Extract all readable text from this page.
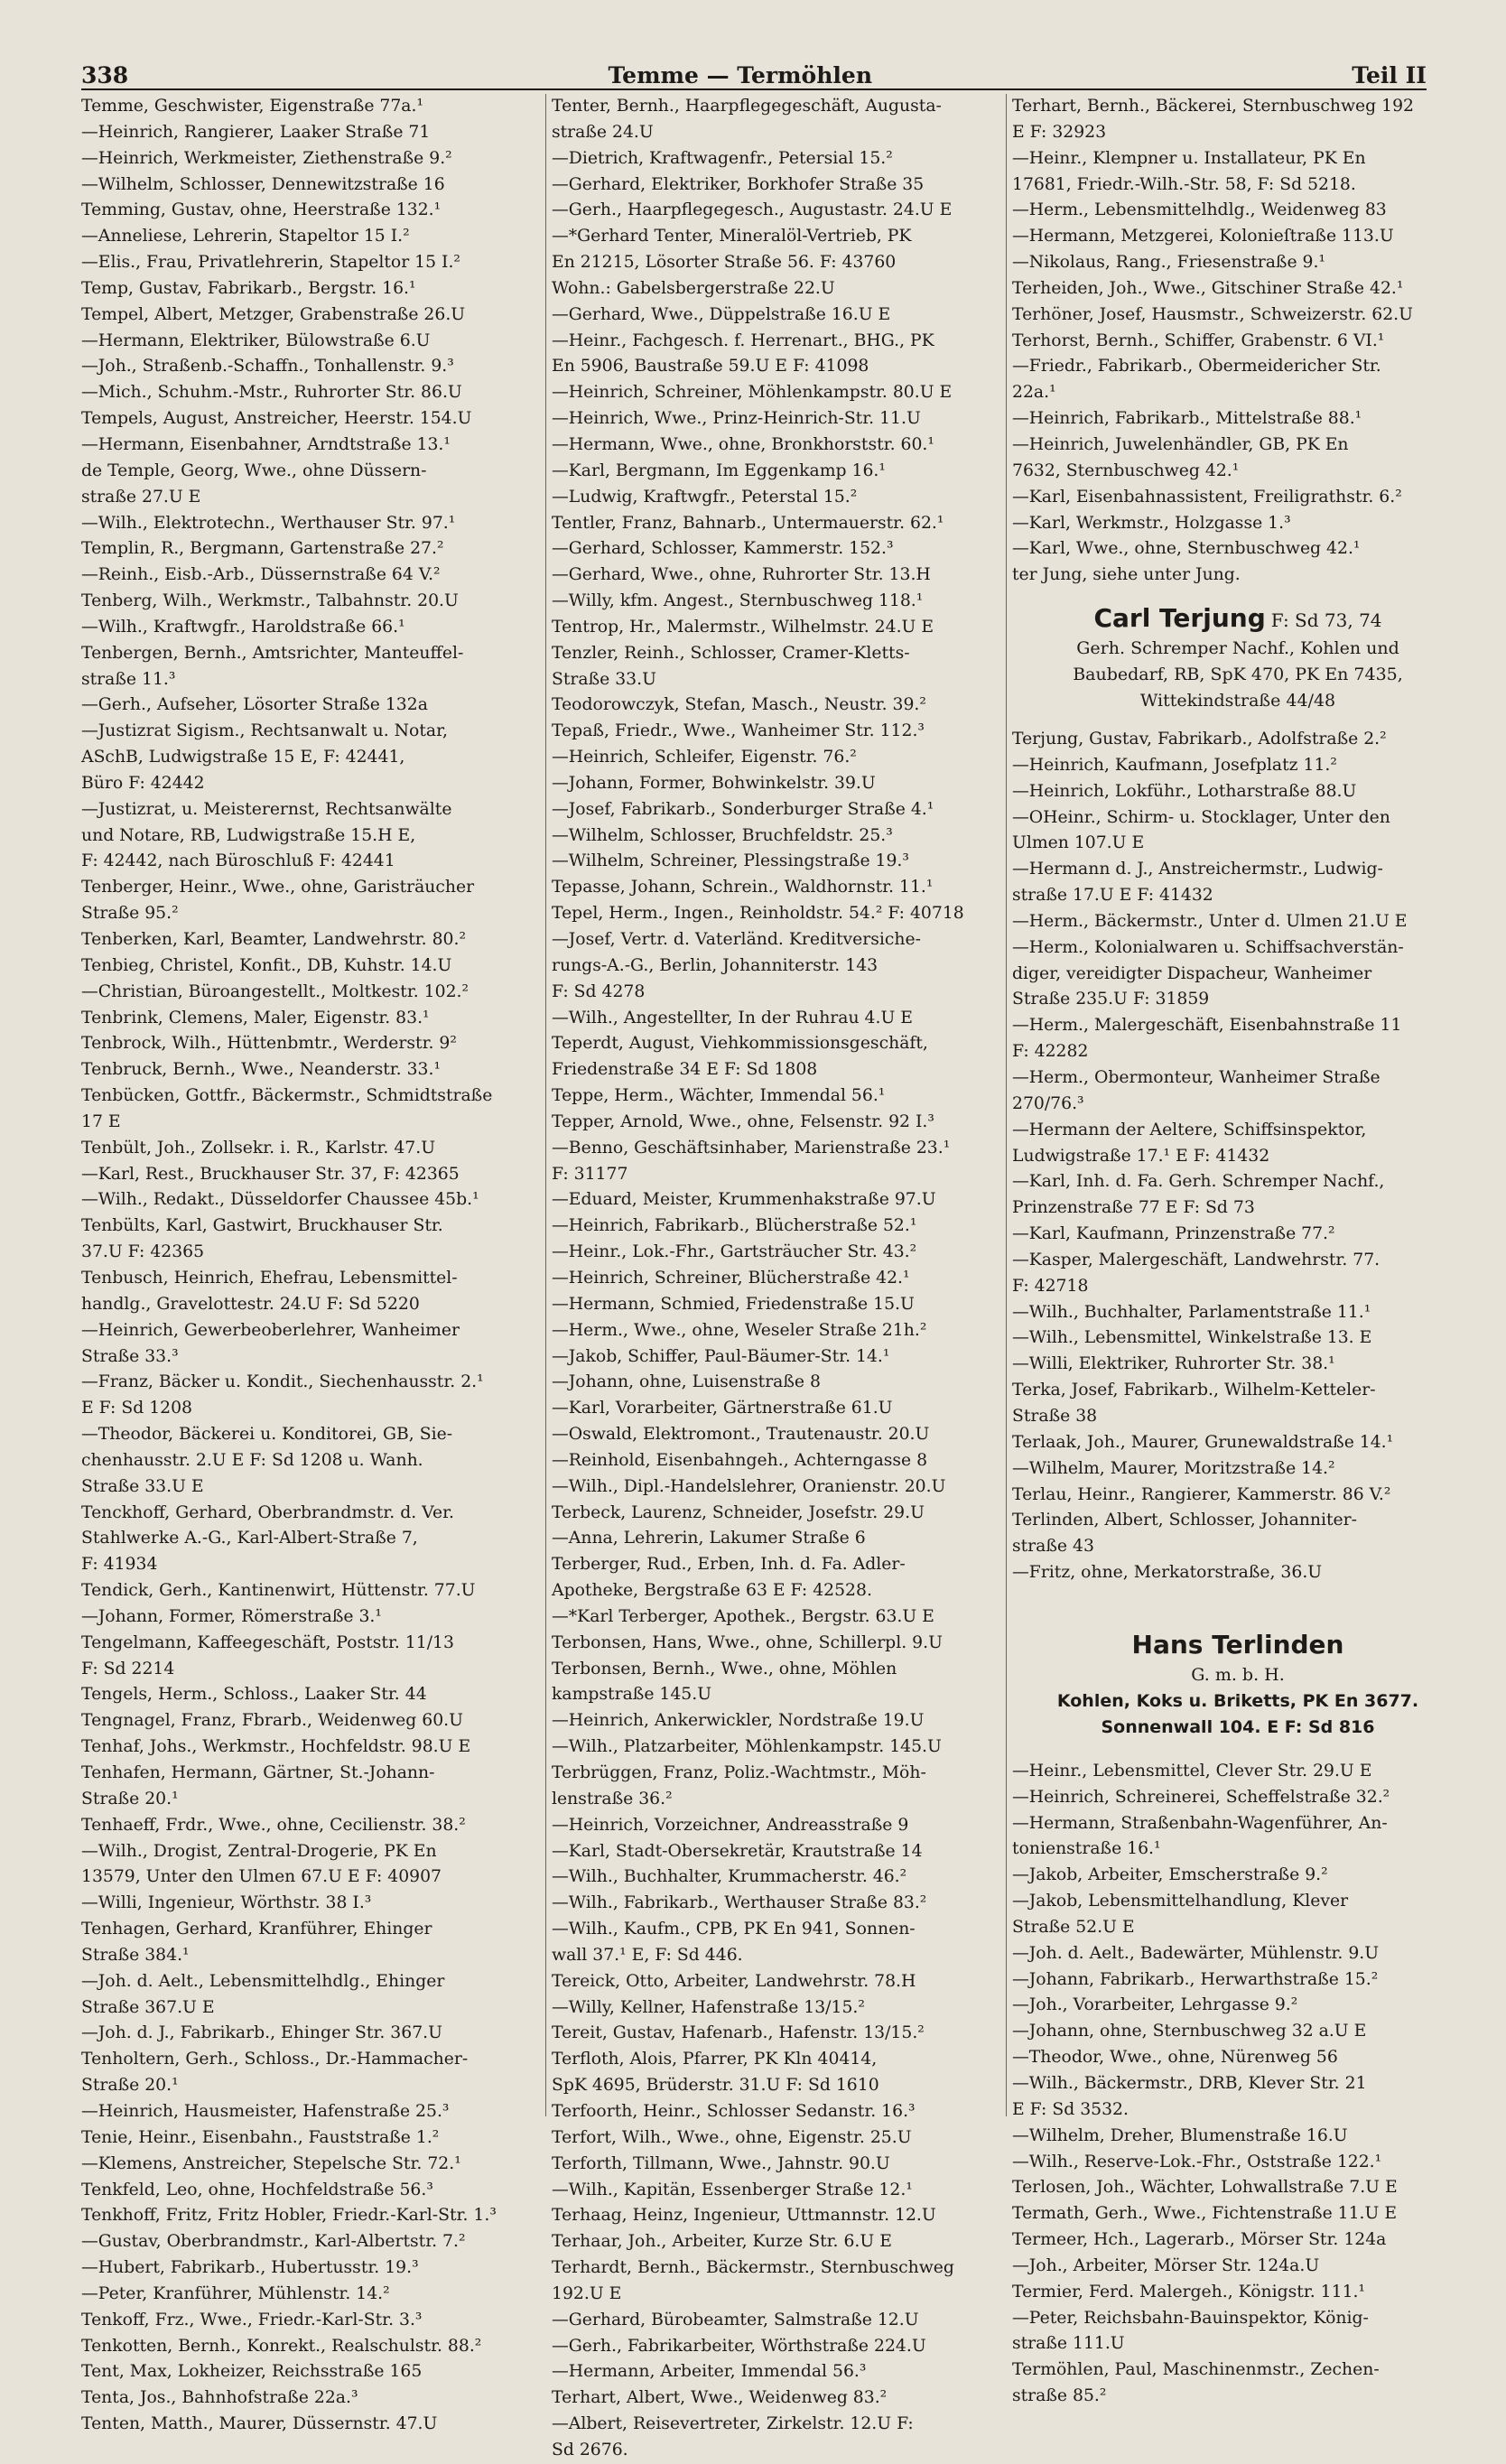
338	Temme — Termöhlen	Teil II

Temme, Geschwister, Eigenstraße 77a.¹

—Heinrich, Rangierer, Laaker Straße 71

—Heinrich, Werkmeister, Ziethenstraße 9.²

—Wilhelm, Schlosser, Dennewitzstraße 16

Temming, Gustav, ohne, Heerstraße 132.¹

—Anneliese, Lehrerin, Stapeltor 15 I.²

—Elis., Frau, Privatlehrerin, Stapeltor 15 I.²

Temp, Gustav, Fabrikarb., Bergstr. 16.¹

Tempel, Albert, Metzger, Grabenstraße 26.U

—Hermann, Elektriker, Bülowstraße 6.U

—Joh., Straßenb.-Schaffn., Tonhallenstr. 9.³

—Mich., Schuhm.-Mstr., Ruhrorter Str. 86.U

Tempels, August, Anstreicher, Heerstr. 154.U

—Hermann, Eisenbahner, Arndtstraße 13.¹

de Temple, Georg, Wwe., ohne Düssern-

straße 27.U E

—Wilh., Elektrotechn., Werthauser Str. 97.¹

Templin, R., Bergmann, Gartenstraße 27.²

—Reinh., Eisb.-Arb., Düssernstraße 64 V.²

Tenberg, Wilh., Werkmstr., Talbahnstr. 20.U

—Wilh., Kraftwgfr., Haroldstraße 66.¹

Tenbergen, Bernh., Amtsrichter, Manteuffel-

straße 11.³

—Gerh., Aufseher, Lösorter Straße 132a

—Justizrat Sigism., Rechtsanwalt u. Notar,

ASchB, Ludwigstraße 15 E, F: 42441,

Büro F: 42442

—Justizrat, u. Meisterernst, Rechtsanwälte

und Notare, RB, Ludwigstraße 15.H E,

F: 42442, nach Büroschluß F: 42441

Tenberger, Heinr., Wwe., ohne, Garisträucher

Straße 95.²

Tenberken, Karl, Beamter, Landwehrstr. 80.²

Tenbieg, Christel, Konfit., DB, Kuhstr. 14.U

—Christian, Büroangestellt., Moltkestr. 102.²

Tenbrink, Clemens, Maler, Eigenstr. 83.¹

Tenbrock, Wilh., Hüttenbmtr., Werderstr. 9²

Tenbruck, Bernh., Wwe., Neanderstr. 33.¹

Tenbücken, Gottfr., Bäckermstr., Schmidtstraße

17 E

Tenbült, Joh., Zollsekr. i. R., Karlstr. 47.U

—Karl, Rest., Bruckhauser Str. 37, F: 42365

—Wilh., Redakt., Düsseldorfer Chaussee 45b.¹

Tenbülts, Karl, Gastwirt, Bruckhauser Str.

37.U F: 42365

Tenbusch, Heinrich, Ehefrau, Lebensmittel-

handlg., Gravelottestr. 24.U F: Sd 5220

—Heinrich, Gewerbeoberlehrer, Wanheimer

Straße 33.³

—Franz, Bäcker u. Kondit., Siechenhausstr. 2.¹

E F: Sd 1208

—Theodor, Bäckerei u. Konditorei, GB, Sie-

chenhausstr. 2.U E F: Sd 1208 u. Wanh.

Straße 33.U E

Tenckhoff, Gerhard, Oberbrandmstr. d. Ver.

Stahlwerke A.-G., Karl-Albert-Straße 7,

F: 41934

Tendick, Gerh., Kantinenwirt, Hüttenstr. 77.U

—Johann, Former, Römerstraße 3.¹

Tengelmann, Kaffeegeschäft, Poststr. 11/13

F: Sd 2214

Tengels, Herm., Schloss., Laaker Str. 44

Tengnagel, Franz, Fbrarb., Weidenweg 60.U

Tenhaf, Johs., Werkmstr., Hochfeldstr. 98.U E

Tenhafen, Hermann, Gärtner, St.-Johann-

Straße 20.¹

Tenhaeff, Frdr., Wwe., ohne, Cecilienstr. 38.²

—Wilh., Drogist, Zentral-Drogerie, PK En

13579, Unter den Ulmen 67.U E F: 40907

—Willi, Ingenieur, Wörthstr. 38 I.³

Tenhagen, Gerhard, Kranführer, Ehinger

Straße 384.¹

—Joh. d. Aelt., Lebensmittelhdlg., Ehinger

Straße 367.U E

—Joh. d. J., Fabrikarb., Ehinger Str. 367.U

Tenholtern, Gerh., Schloss., Dr.-Hammacher-

Straße 20.¹

—Heinrich, Hausmeister, Hafenstraße 25.³

Tenie, Heinr., Eisenbahn., Fauststraße 1.²

—Klemens, Anstreicher, Stepelsche Str. 72.¹

Tenkfeld, Leo, ohne, Hochfeldstraße 56.³

Tenkhoff, Fritz, Fritz Hobler, Friedr.-Karl-Str. 1.³

—Gustav, Oberbrandmstr., Karl-Albertstr. 7.²

—Hubert, Fabrikarb., Hubertusstr. 19.³

—Peter, Kranführer, Mühlenstr. 14.²

Tenkoff, Frz., Wwe., Friedr.-Karl-Str. 3.³

Tenkotten, Bernh., Konrekt., Realschulstr. 88.²

Tent, Max, Lokheizer, Reichsstraße 165

Tenta, Jos., Bahnhofstraße 22a.³

Tenten, Matth., Maurer, Düssernstr. 47.U

Tenter, Bernh., Haarpflegegeschäft, Augusta-

straße 24.U

—Dietrich, Kraftwagenfr., Petersial 15.²

—Gerhard, Elektriker, Borkhofer Straße 35

—Gerh., Haarpflegegesch., Augustastr. 24.U E

—*Gerhard Tenter, Mineralöl-Vertrieb, PK

En 21215, Lösorter Straße 56. F: 43760

Wohn.: Gabelsbergerstraße 22.U

—Gerhard, Wwe., Düppelstraße 16.U E

—Heinr., Fachgesch. f. Herrenart., BHG., PK

En 5906, Baustraße 59.U E F: 41098

—Heinrich, Schreiner, Möhlenkampstr. 80.U E

—Heinrich, Wwe., Prinz-Heinrich-Str. 11.U

—Hermann, Wwe., ohne, Bronkhorststr. 60.¹

—Karl, Bergmann, Im Eggenkamp 16.¹

—Ludwig, Kraftwgfr., Peterstal 15.²

Tentler, Franz, Bahnarb., Untermauerstr. 62.¹

—Gerhard, Schlosser, Kammerstr. 152.³

—Gerhard, Wwe., ohne, Ruhrorter Str. 13.H

—Willy, kfm. Angest., Sternbuschweg 118.¹

Tentrop, Hr., Malermstr., Wilhelmstr. 24.U E

Tenzler, Reinh., Schlosser, Cramer-Kletts-

Straße 33.U

Teodorowczyk, Stefan, Masch., Neustr. 39.²

Tepaß, Friedr., Wwe., Wanheimer Str. 112.³

—Heinrich, Schleifer, Eigenstr. 76.²

—Johann, Former, Bohwinkelstr. 39.U

—Josef, Fabrikarb., Sonderburger Straße 4.¹

—Wilhelm, Schlosser, Bruchfeldstr. 25.³

—Wilhelm, Schreiner, Plessingstraße 19.³

Tepasse, Johann, Schrein., Waldhornstr. 11.¹

Tepel, Herm., Ingen., Reinholdstr. 54.² F: 40718

—Josef, Vertr. d. Vaterländ. Kreditversiche-

rungs-A.-G., Berlin, Johanniterstr. 143

F: Sd 4278

—Wilh., Angestellter, In der Ruhrau 4.U E

Teperdt, August, Viehkommissionsgeschäft,

Friedenstraße 34 E F: Sd 1808

Teppe, Herm., Wächter, Immendal 56.¹

Tepper, Arnold, Wwe., ohne, Felsenstr. 92 I.³

—Benno, Geschäftsinhaber, Marienstraße 23.¹

F: 31177

—Eduard, Meister, Krummenhakstraße 97.U

—Heinrich, Fabrikarb., Blücherstraße 52.¹

—Heinr., Lok.-Fhr., Gartsträucher Str. 43.²

—Heinrich, Schreiner, Blücherstraße 42.¹

—Hermann, Schmied, Friedenstraße 15.U

—Herm., Wwe., ohne, Weseler Straße 21h.²

—Jakob, Schiffer, Paul-Bäumer-Str. 14.¹

—Johann, ohne, Luisenstraße 8

—Karl, Vorarbeiter, Gärtnerstraße 61.U

—Oswald, Elektromont., Trautenaustr. 20.U

—Reinhold, Eisenbahngeh., Achterngasse 8

—Wilh., Dipl.-Handelslehrer, Oranienstr. 20.U

Terbeck, Laurenz, Schneider, Josefstr. 29.U

—Anna, Lehrerin, Lakumer Straße 6

Terberger, Rud., Erben, Inh. d. Fa. Adler-

Apotheke, Bergstraße 63 E F: 42528.

—*Karl Terberger, Apothek., Bergstr. 63.U E

Terbonsen, Hans, Wwe., ohne, Schillerpl. 9.U

Terbonsen, Bernh., Wwe., ohne, Möhlen

kampstraße 145.U

—Heinrich, Ankerwickler, Nordstraße 19.U

—Wilh., Platzarbeiter, Möhlenkampstr. 145.U

Terbrüggen, Franz, Poliz.-Wachtmstr., Möh-

lenstraße 36.²

—Heinrich, Vorzeichner, Andreasstraße 9

—Karl, Stadt-Obersekretär, Krautstraße 14

—Wilh., Buchhalter, Krummacherstr. 46.²

—Wilh., Fabrikarb., Werthauser Straße 83.²

—Wilh., Kaufm., CPB, PK En 941, Sonnen-

wall 37.¹ E, F: Sd 446.

Tereick, Otto, Arbeiter, Landwehrstr. 78.H

—Willy, Kellner, Hafenstraße 13/15.²

Tereit, Gustav, Hafenarb., Hafenstr. 13/15.²

Terfloth, Alois, Pfarrer, PK Kln 40414,

SpK 4695, Brüderstr. 31.U F: Sd 1610

Terfoorth, Heinr., Schlosser Sedanstr. 16.³

Terfort, Wilh., Wwe., ohne, Eigenstr. 25.U

Terforth, Tillmann, Wwe., Jahnstr. 90.U

—Wilh., Kapitän, Essenberger Straße 12.¹

Terhaag, Heinz, Ingenieur, Uttmannstr. 12.U

Terhaar, Joh., Arbeiter, Kurze Str. 6.U E

Terhardt, Bernh., Bäckermstr., Sternbuschweg

192.U E

—Gerhard, Bürobeamter, Salmstraße 12.U

—Gerh., Fabrikarbeiter, Wörthstraße 224.U

—Hermann, Arbeiter, Immendal 56.³

Terhart, Albert, Wwe., Weidenweg 83.²

—Albert, Reisevertreter, Zirkelstr. 12.U F:

Sd 2676.

Terhart, Bernh., Bäckerei, Sternbuschweg 192

E F: 32923

—Heinr., Klempner u. Installateur, PK En

17681, Friedr.-Wilh.-Str. 58, F: Sd 5218.

—Herm., Lebensmittelhdlg., Weidenweg 83

—Hermann, Metzgerei, Kolonieſtraße 113.U

—Nikolaus, Rang., Friesenstraße 9.¹

Terheiden, Joh., Wwe., Gitschiner Straße 42.¹

Terhöner, Josef, Hausmstr., Schweizerstr. 62.U

Terhorst, Bernh., Schiffer, Grabenstr. 6 VI.¹

—Friedr., Fabrikarb., Obermeidericher Str.

22a.¹

—Heinrich, Fabrikarb., Mittelstraße 88.¹

—Heinrich, Juwelenhändler, GB, PK En

7632, Sternbuschweg 42.¹

—Karl, Eisenbahnassistent, Freiligrathstr. 6.²

—Karl, Werkmstr., Holzgasse 1.³

—Karl, Wwe., ohne, Sternbuschweg 42.¹

ter Jung, siehe unter Jung.

Carl Terjung F: Sd 73, 74
Gerh. Schremper Nachf., Kohlen und
Baubedarf, RB, SpK 470, PK En 7435,
Wittekindstraße 44/48

Terjung, Gustav, Fabrikarb., Adolfstraße 2.²

—Heinrich, Kaufmann, Josefplatz 11.²

—Heinrich, Lokführ., Lotharstraße 88.U

—OHeinr., Schirm- u. Stocklager, Unter den

Ulmen 107.U E

—Hermann d. J., Anstreichermstr., Ludwig-

straße 17.U E F: 41432

—Herm., Bäckermstr., Unter d. Ulmen 21.U E

—Herm., Kolonialwaren u. Schiffsachverstän-

diger, vereidigter Dispacheur, Wanheimer

Straße 235.U F: 31859

—Herm., Malergeschäft, Eisenbahnstraße 11

F: 42282

—Herm., Obermonteur, Wanheimer Straße

270/76.³

—Hermann der Aeltere, Schiffsinspektor,

Ludwigstraße 17.¹ E F: 41432

—Karl, Inh. d. Fa. Gerh. Schremper Nachf.,

Prinzenstraße 77 E F: Sd 73

—Karl, Kaufmann, Prinzenstraße 77.²

—Kasper, Malergeschäft, Landwehrstr. 77.

F: 42718

—Wilh., Buchhalter, Parlamentstraße 11.¹

—Wilh., Lebensmittel, Winkelstraße 13. E

—Willi, Elektriker, Ruhrorter Str. 38.¹

Terka, Josef, Fabrikarb., Wilhelm-Ketteler-

Straße 38

Terlaak, Joh., Maurer, Grunewaldstraße 14.¹

—Wilhelm, Maurer, Moritzstraße 14.²

Terlau, Heinr., Rangierer, Kammerstr. 86 V.²

Terlinden, Albert, Schlosser, Johanniter-

straße 43

—Fritz, ohne, Merkatorstraße, 36.U

Hans Terlinden
G. m. b. H.
Kohlen, Koks u. Briketts, PK En 3677.
Sonnenwall 104. E F: Sd 816

—Heinr., Lebensmittel, Clever Str. 29.U E

—Heinrich, Schreinerei, Scheffelstraße 32.²

—Hermann, Straßenbahn-Wagenführer, An-

tonienstraße 16.¹

—Jakob, Arbeiter, Emscherstraße 9.²

—Jakob, Lebensmittelhandlung, Klever

Straße 52.U E

—Joh. d. Aelt., Badewärter, Mühlenstr. 9.U

—Johann, Fabrikarb., Herwarthstraße 15.²

—Joh., Vorarbeiter, Lehrgasse 9.²

—Johann, ohne, Sternbuschweg 32 a.U E

—Theodor, Wwe., ohne, Nürenweg 56

—Wilh., Bäckermstr., DRB, Klever Str. 21

E F: Sd 3532.

—Wilhelm, Dreher, Blumenstraße 16.U

—Wilh., Reserve-Lok.-Fhr., Oststraße 122.¹

Terlosen, Joh., Wächter, Lohwallstraße 7.U E

Termath, Gerh., Wwe., Fichtenstraße 11.U E

Termeer, Hch., Lagerarb., Mörser Str. 124a

—Joh., Arbeiter, Mörser Str. 124a.U

Termier, Ferd. Malergeh., Königstr. 111.¹

—Peter, Reichsbahn-Bauinspektor, König-

straße 111.U

Termöhlen, Paul, Maschinenmstr., Zechen-

straße 85.²
